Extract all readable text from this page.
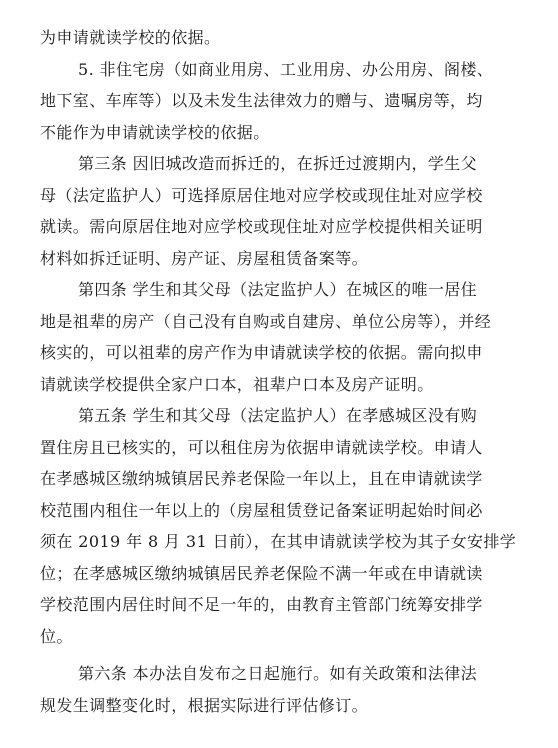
为申请就读学校的依据。
5. 非住宅房（如商业用房、工业用房、办公用房、阁楼、
地下室、车库等）以及未发生法律效力的赠与、遗嘱房等，均
不能作为申请就读学校的依据。
第三条 因旧城改造而拆迁的，在拆迁过渡期内，学生父
母（法定监护人）可选择原居住地对应学校或现住址对应学校
就读。需向原居住地对应学校或现住址对应学校提供相关证明
材料如拆迁证明、房产证、房屋租赁备案等。
第四条 学生和其父母（法定监护人）在城区的唯一居住
地是祖辈的房产（自己没有自购或自建房、单位公房等），并经
核实的，可以祖辈的房产作为申请就读学校的依据。需向拟申
请就读学校提供全家户口本，祖辈户口本及房产证明。
第五条 学生和其父母（法定监护人）在孝感城区没有购
置住房且已核实的，可以租住房为依据申请就读学校。申请人
在孝感城区缴纳城镇居民养老保险一年以上，且在申请就读学
校范围内租住一年以上的（房屋租赁登记备案证明起始时间必
须在 2019 年 8 月 31 日前），在其申请就读学校为其子女安排学
位；在孝感城区缴纳城镇居民养老保险不满一年或在申请就读
学校范围内居住时间不足一年的，由教育主管部门统筹安排学
位。
第六条 本办法自发布之日起施行。如有关政策和法律法
规发生调整变化时，根据实际进行评估修订。
